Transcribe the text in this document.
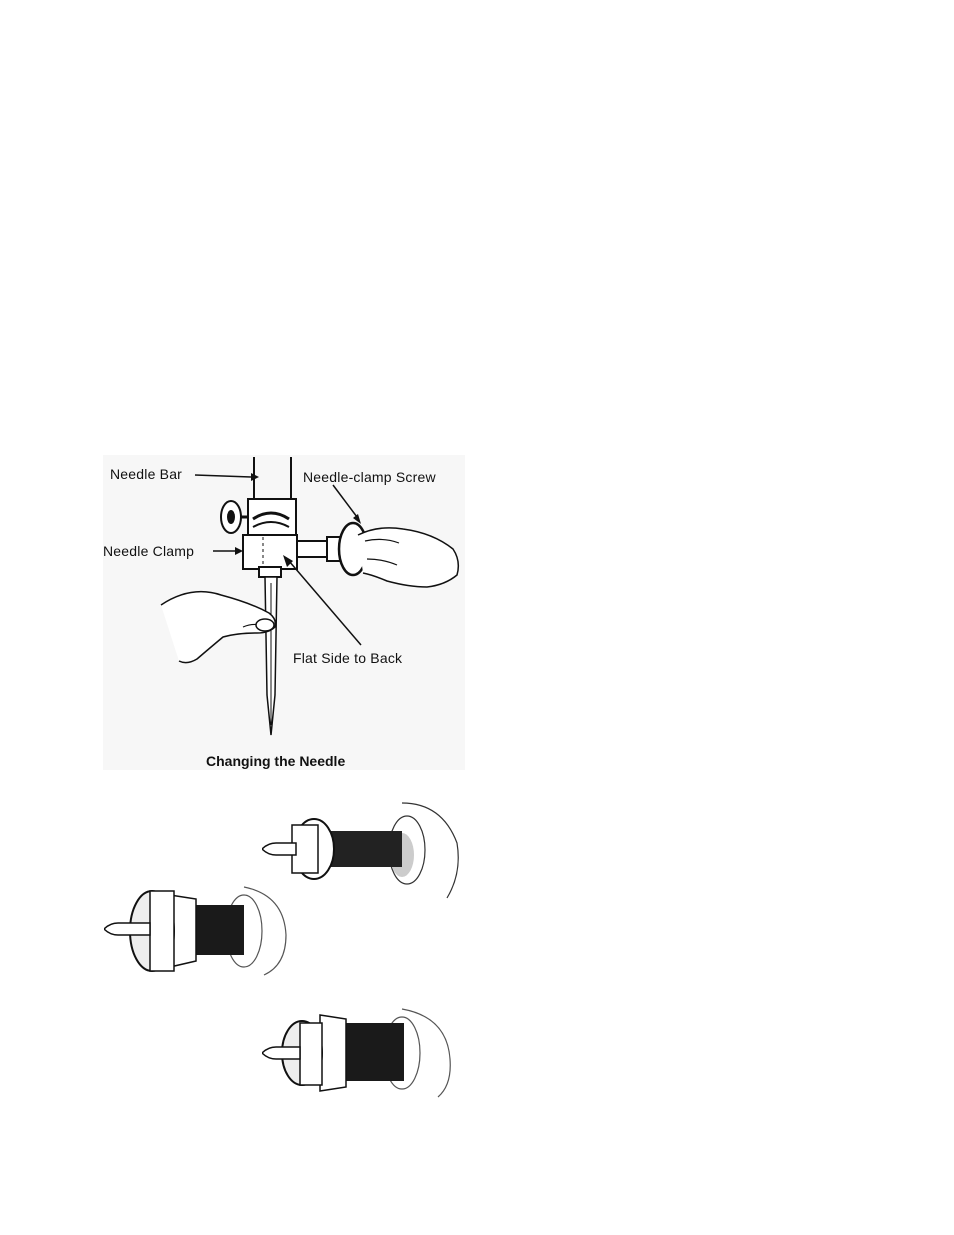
Needle Bar	Needle-clamp Screw
Needle Clamp
Flat Side to Back
Changing the Needle
